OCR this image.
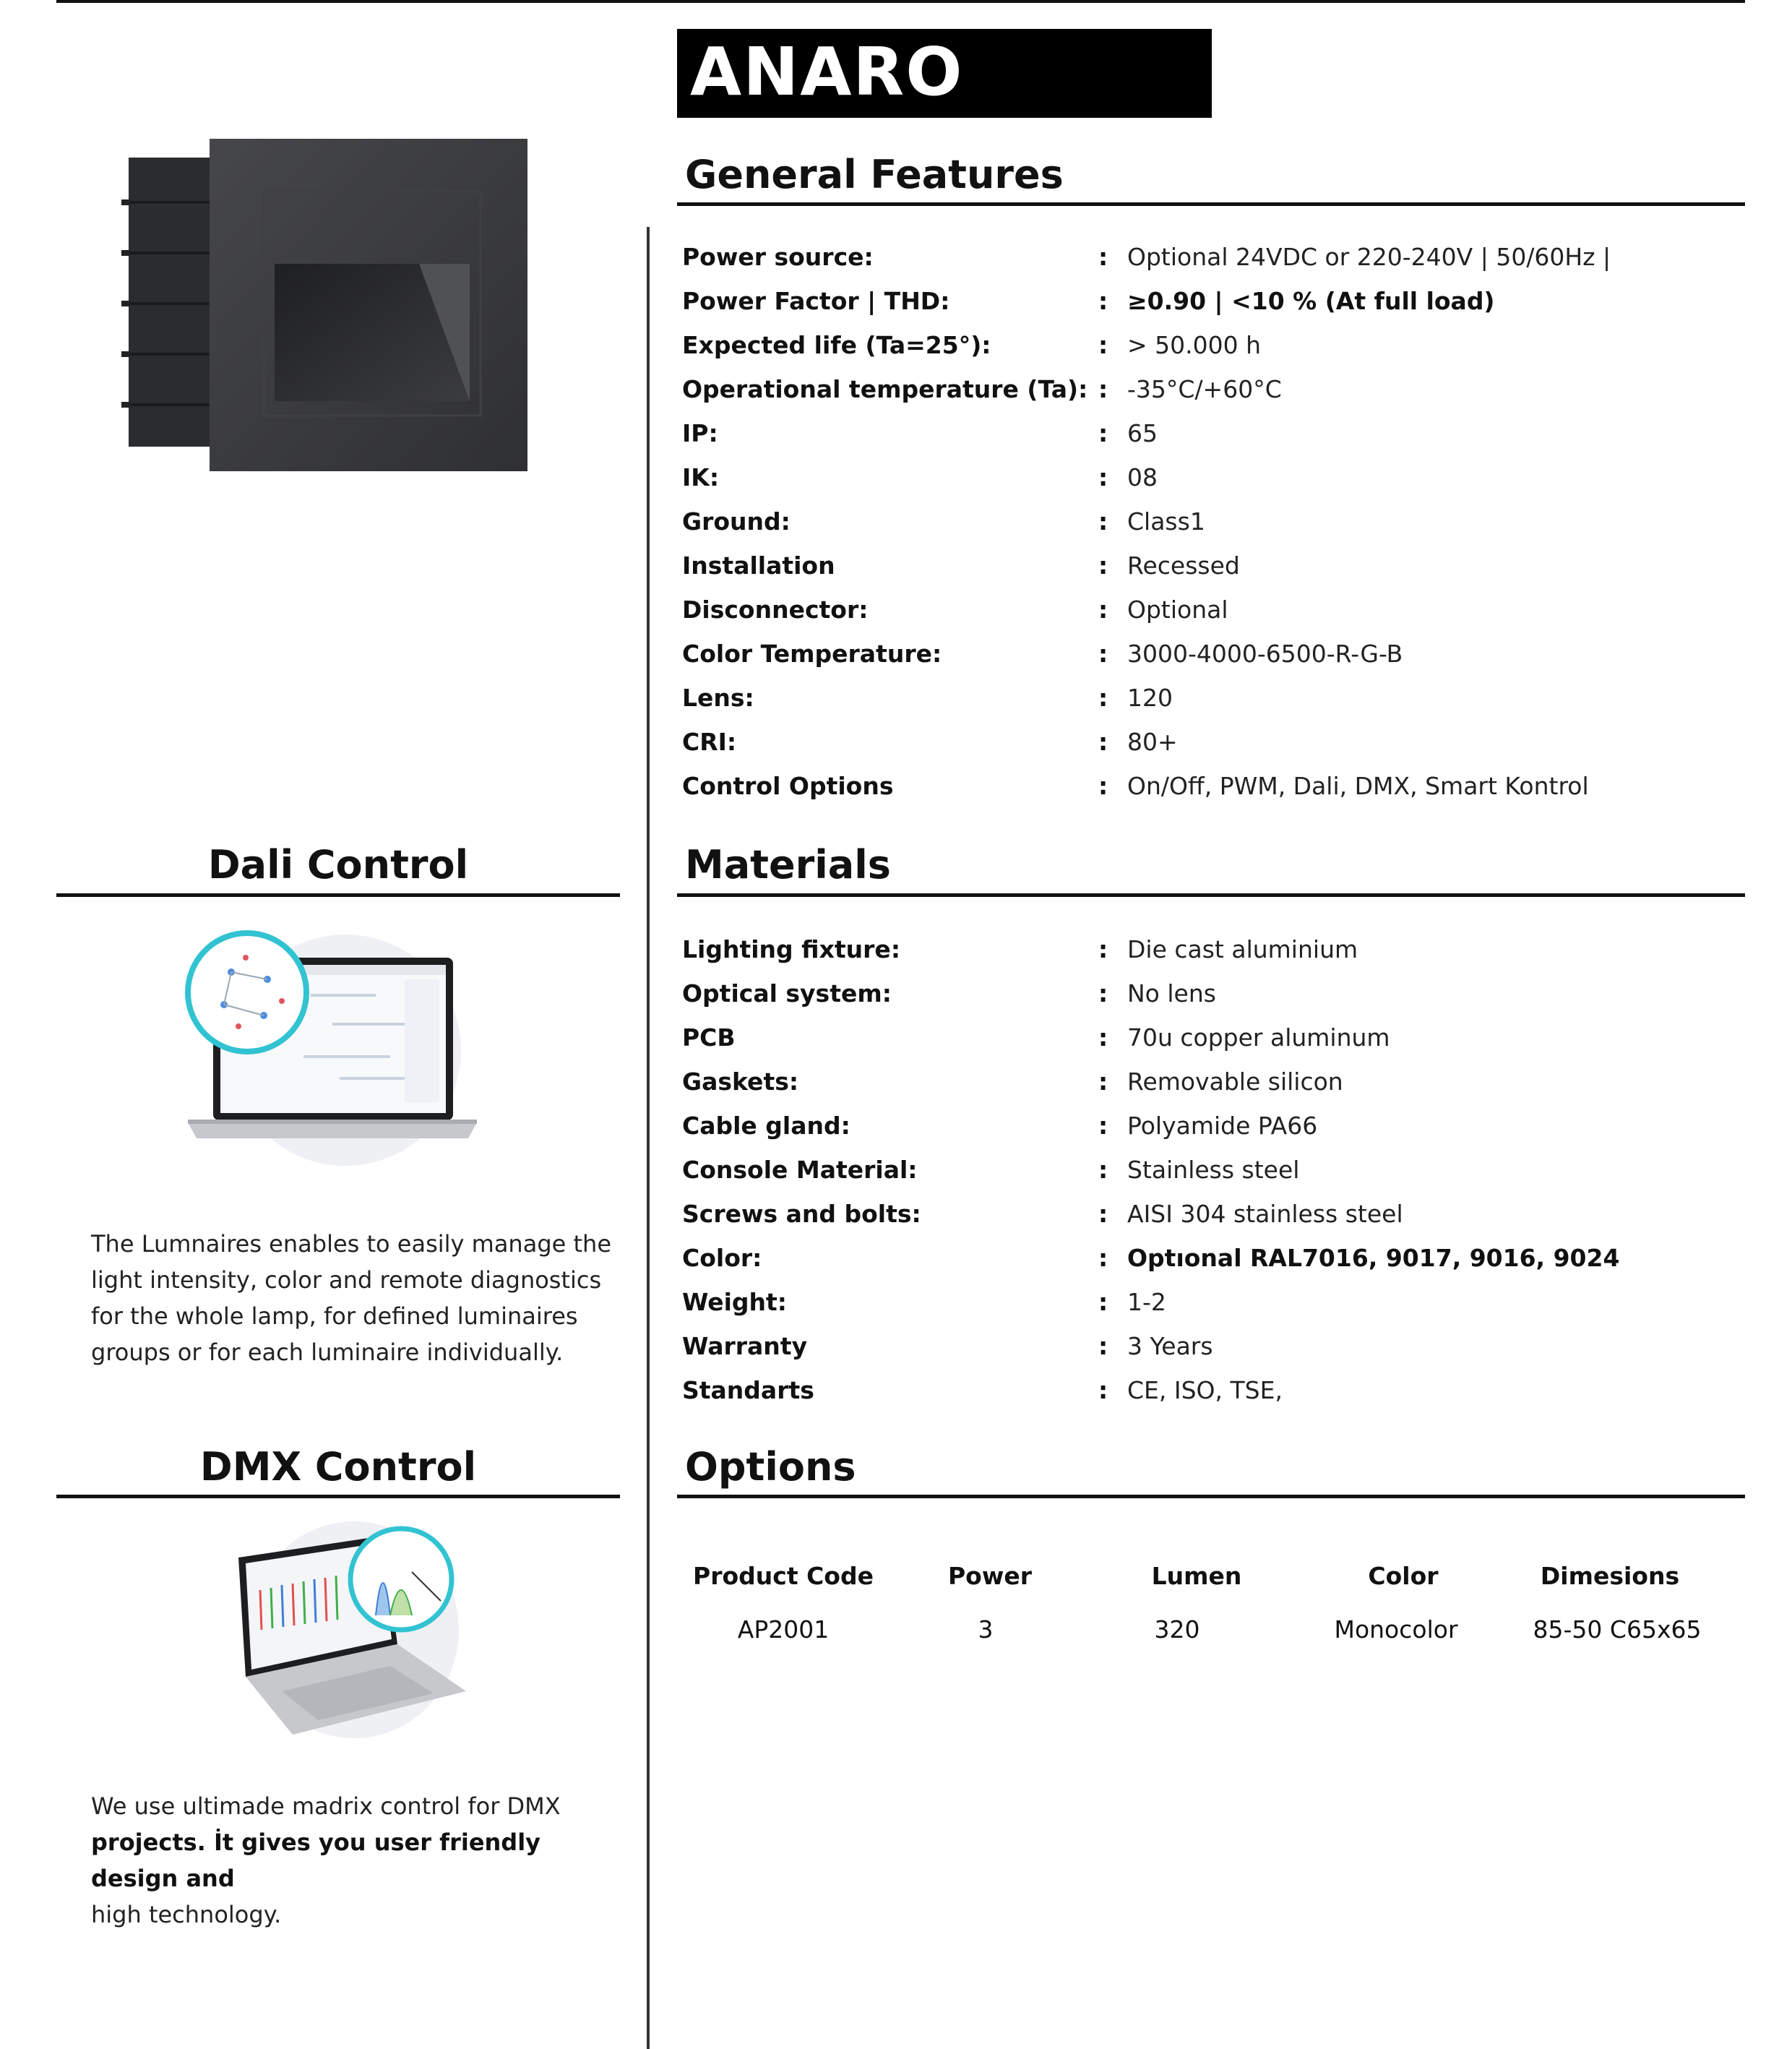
ANARO
General Features
Power source:	: Optional 24VDC or 220-240V | 50/60Hz |
Power Factor | THD:	: ≥0.90 | <10 % (At full load)
Expected life (Ta=25°):	: > 50.000 h
Operational temperature (Ta): : -35°C/+60°C
IP:	: 65
IK:	: 08
Ground:	: Class1
Installation	: Recessed
Disconnector:	: Optional
Color Temperature:	: 3000-4000-6500-R-G-B
Lens:	: 120
CRI:	: 80+
Control Options	: On/Off, PWM, Dali, DMX, Smart Kontrol
Materials
Lighting fixture:	: Die cast aluminium
Optical system:	: No lens
PCB	: 70u copper aluminum
Gaskets:	: Removable silicon
Cable gland:	: Polyamide PA66
Console Material:	: Stainless steel
Screws and bolts:	: AISI 304 stainless steel
Color:	: Optıonal RAL7016, 9017, 9016, 9024
Weight:	: 1-2
Warranty	: 3 Years
Standarts	: CE, ISO, TSE,
Options
Product Code	Power	Lumen	Color	Dimesions
AP2001	3	320	Monocolor	85-50 C65x65
Dali Control
The Lumnaires enables to easily manage the light intensity, color and remote diagnostics for the whole lamp, for defined luminaires groups or for each luminaire individually.
DMX Control
We use ultimade madrix control for DMX
projects. İt gives you user friendly design and
high technology.
